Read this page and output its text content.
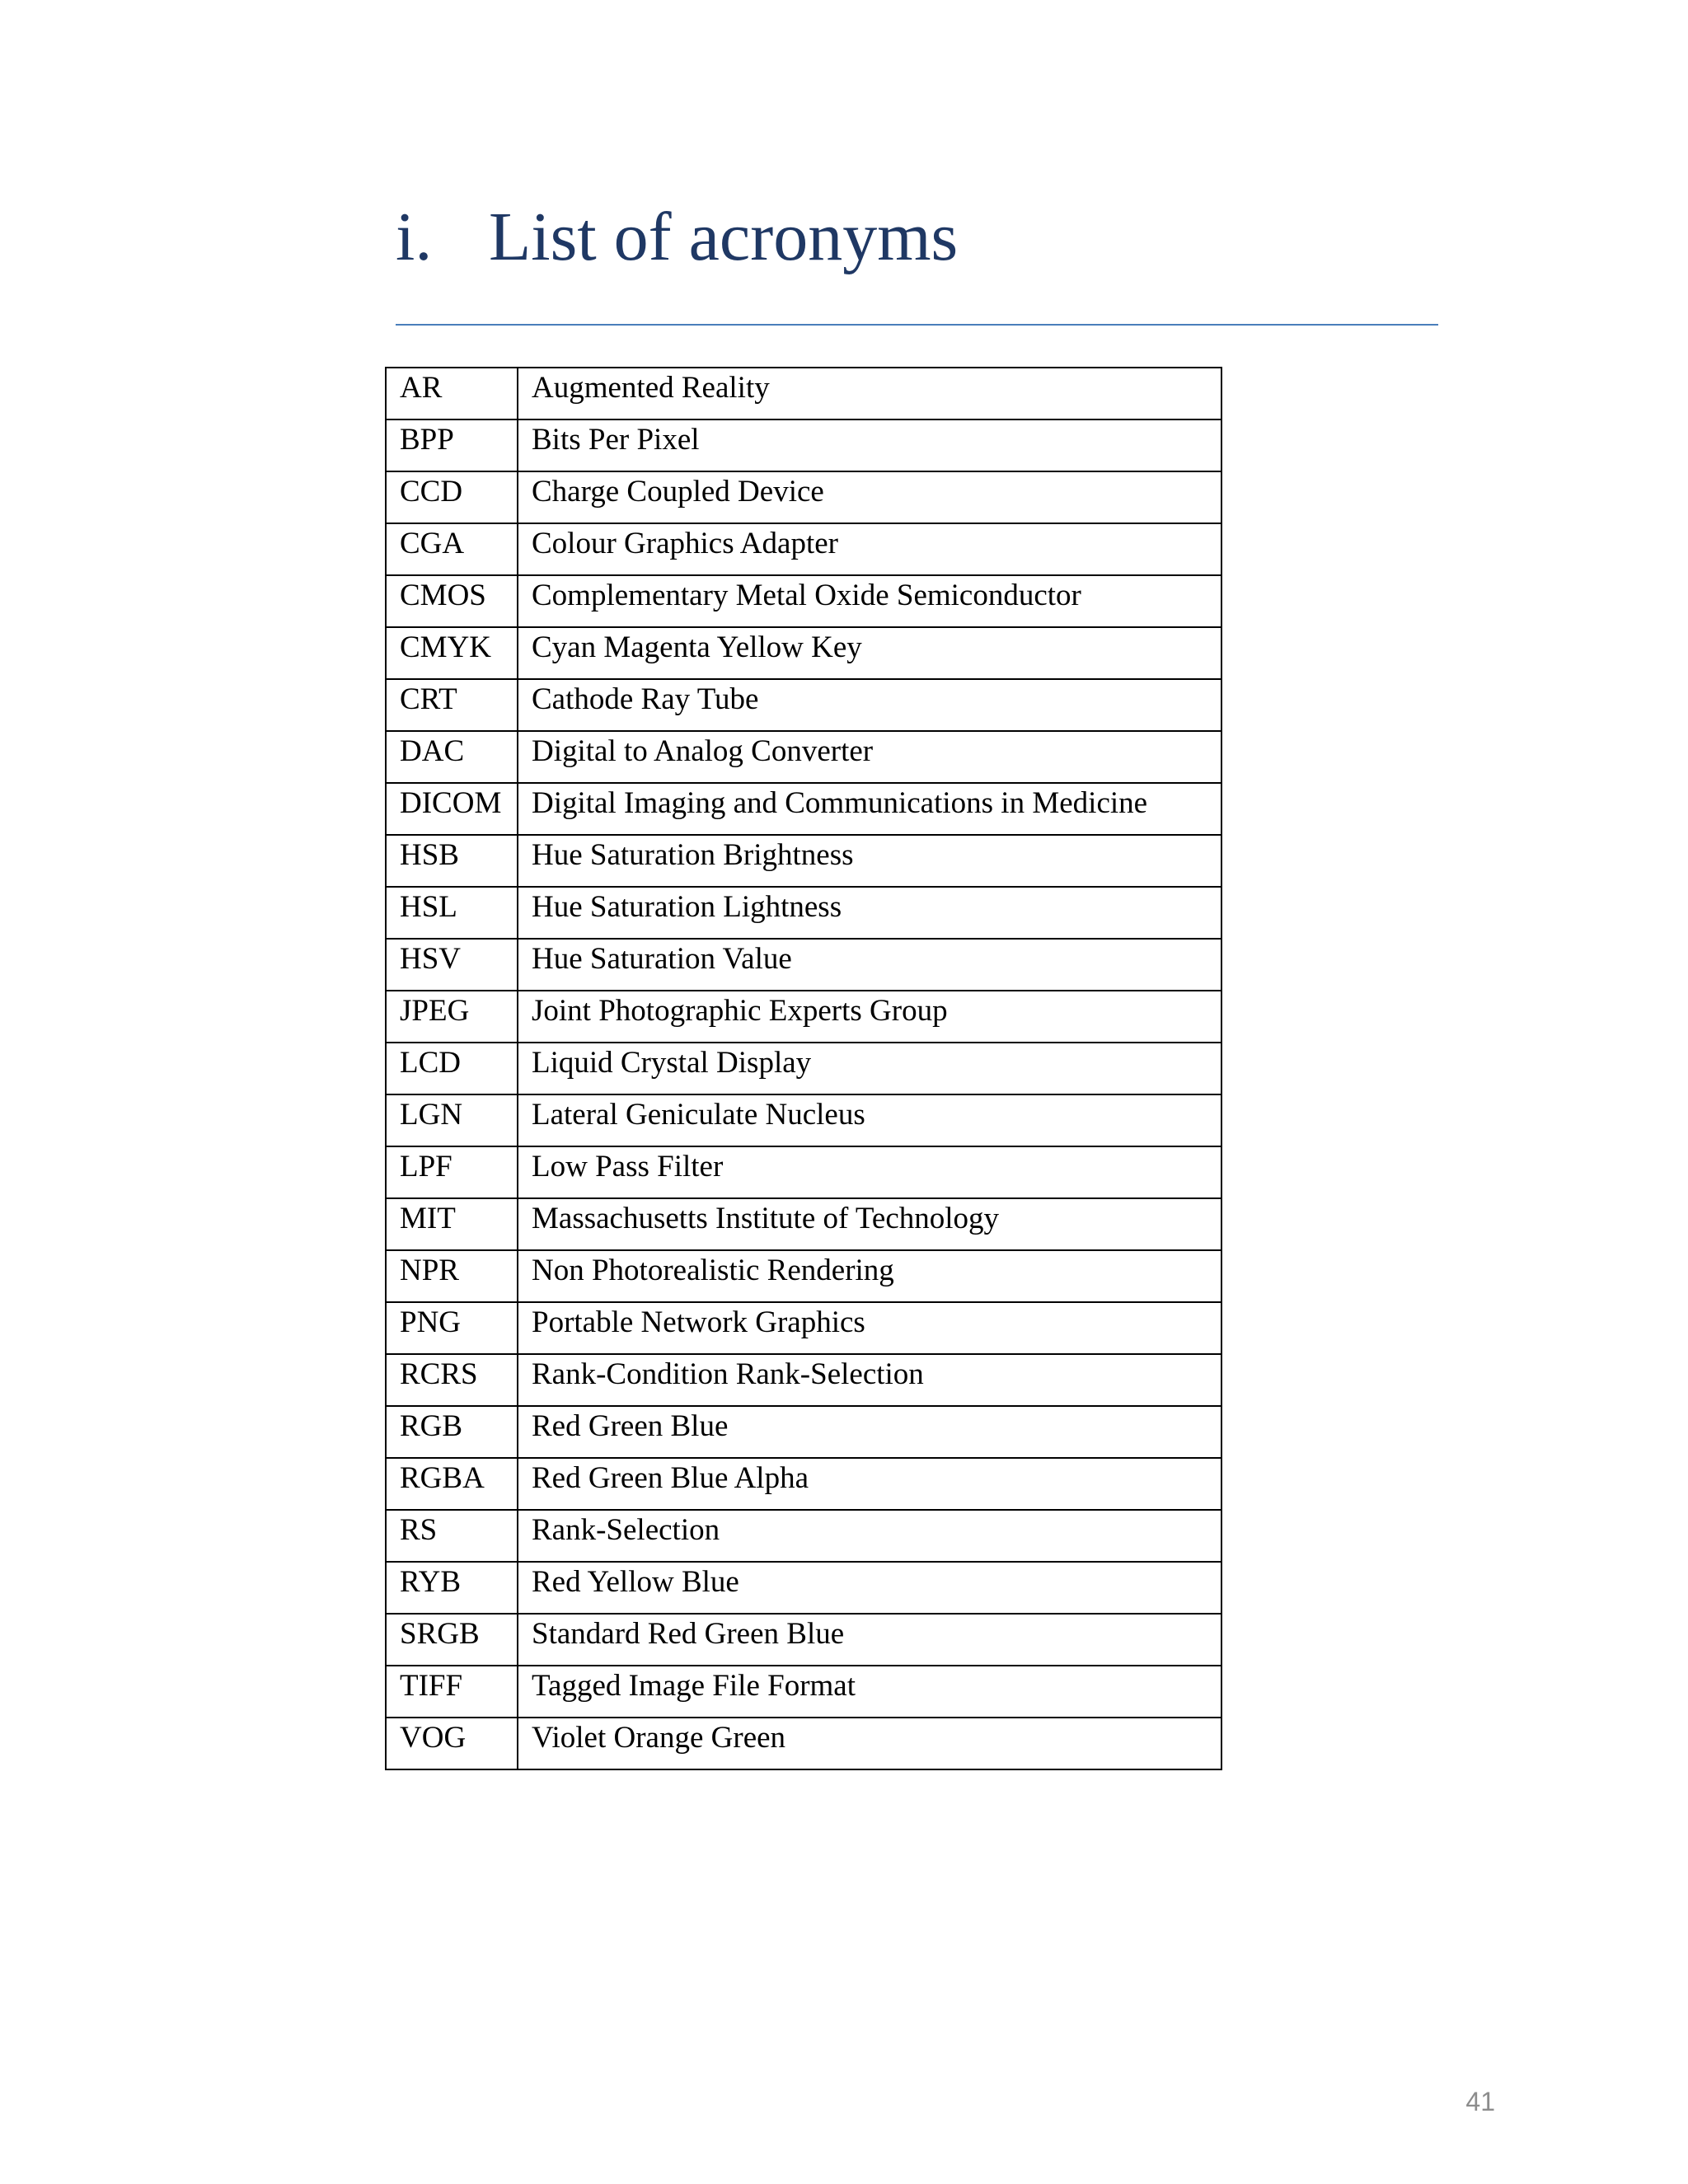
i. List of acronyms
AR	Augmented Reality
BPP	Bits Per Pixel
CCD	Charge Coupled Device
CGA	Colour Graphics Adapter
CMOS	Complementary Metal Oxide Semiconductor
CMYK	Cyan Magenta Yellow Key
CRT	Cathode Ray Tube
DAC	Digital to Analog Converter
DICOM	Digital Imaging and Communications in Medicine
HSB	Hue Saturation Brightness
HSL	Hue Saturation Lightness
HSV	Hue Saturation Value
JPEG	Joint Photographic Experts Group
LCD	Liquid Crystal Display
LGN	Lateral Geniculate Nucleus
LPF	Low Pass Filter
MIT	Massachusetts Institute of Technology
NPR	Non Photorealistic Rendering
PNG	Portable Network Graphics
RCRS	Rank-Condition Rank-Selection
RGB	Red Green Blue
RGBA	Red Green Blue Alpha
RS	Rank-Selection
RYB	Red Yellow Blue
SRGB	Standard Red Green Blue
TIFF	Tagged Image File Format
VOG	Violet Orange Green
41
